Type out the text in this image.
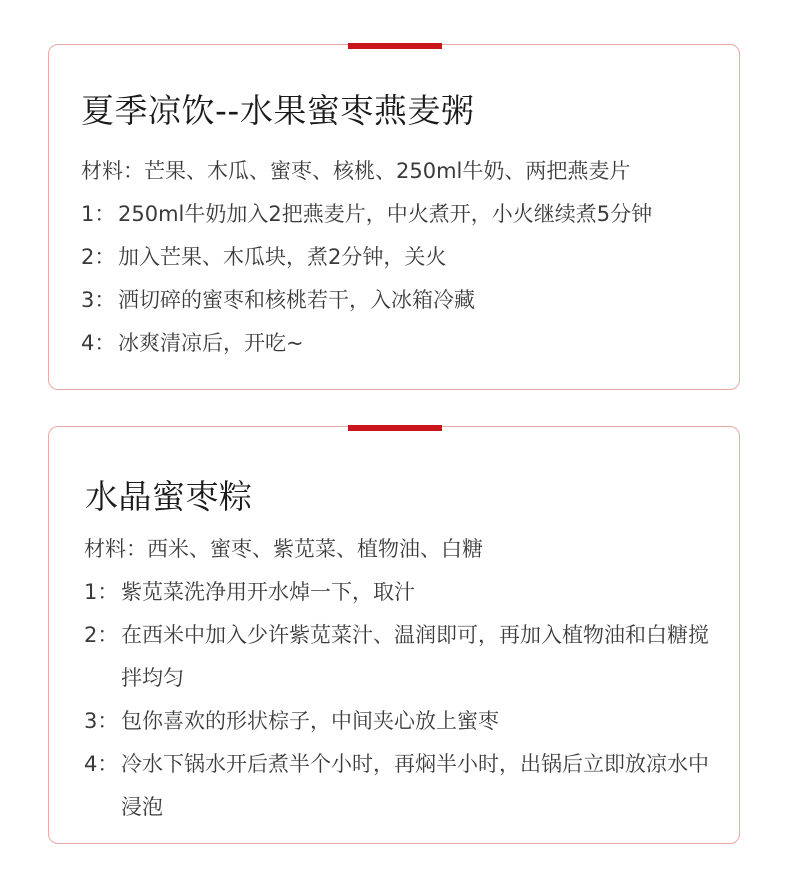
夏季凉饮--水果蜜枣燕麦粥
材料：芒果、木瓜、蜜枣、核桃、250ml牛奶、两把燕麦片
1： 250ml牛奶加入2把燕麦片，中火煮开，小火继续煮5分钟
2： 加入芒果、木瓜块，煮2分钟，关火
3： 洒切碎的蜜枣和核桃若干，入冰箱冷藏
4： 冰爽清凉后，开吃~
水晶蜜枣粽
材料：西米、蜜枣、紫苋菜、植物油、白糖
1： 紫苋菜洗净用开水焯一下，取汁
2： 在西米中加入少许紫苋菜汁、温润即可，再加入植物油和白糖搅拌均匀
3： 包你喜欢的形状棕子，中间夹心放上蜜枣
4： 冷水下锅水开后煮半个小时，再焖半小时，出锅后立即放凉水中浸泡
